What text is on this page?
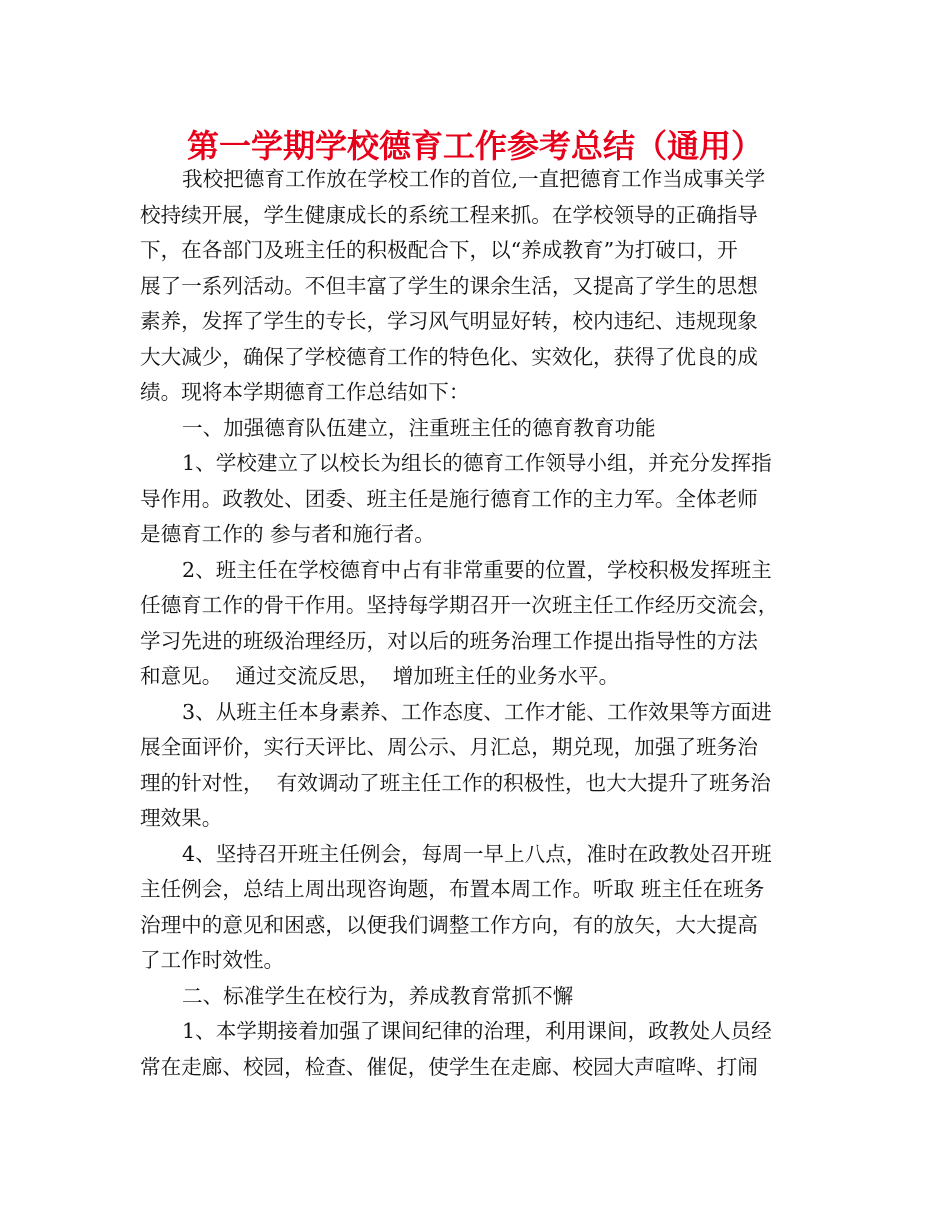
第一学期学校德育工作参考总结（通用）
我校把德育工作放在学校工作的首位,一直把德育工作当成事关学
校持续开展，学生健康成长的系统工程来抓。在学校领导的正确指导
下，在各部门及班主任的积极配合下，以“养成教育”为打破口，开
展了一系列活动。不但丰富了学生的课余生活，又提高了学生的思想
素养，发挥了学生的专长，学习风气明显好转，校内违纪、违规现象
大大减少，确保了学校德育工作的特色化、实效化，获得了优良的成
绩。现将本学期德育工作总结如下：
一、加强德育队伍建立，注重班主任的德育教育功能
1、学校建立了以校长为组长的德育工作领导小组，并充分发挥指
导作用。政教处、团委、班主任是施行德育工作的主力军。全体老师
是德育工作的 参与者和施行者。
2、班主任在学校德育中占有非常重要的位置，学校积极发挥班主
任德育工作的骨干作用。坚持每学期召开一次班主任工作经历交流会，
学习先进的班级治理经历，对以后的班务治理工作提出指导性的方法
和意见。  通过交流反思，  增加班主任的业务水平。
3、从班主任本身素养、工作态度、工作才能、工作效果等方面进
展全面评价，实行天评比、周公示、月汇总，期兑现，加强了班务治
理的针对性，  有效调动了班主任工作的积极性，也大大提升了班务治
理效果。
4、坚持召开班主任例会，每周一早上八点，准时在政教处召开班
主任例会，总结上周出现咨询题，布置本周工作。听取 班主任在班务
治理中的意见和困惑，以便我们调整工作方向，有的放矢，大大提高
了工作时效性。
二、标准学生在校行为，养成教育常抓不懈
1、本学期接着加强了课间纪律的治理，利用课间，政教处人员经
常在走廊、校园，检查、催促，使学生在走廊、校园大声喧哗、打闹
